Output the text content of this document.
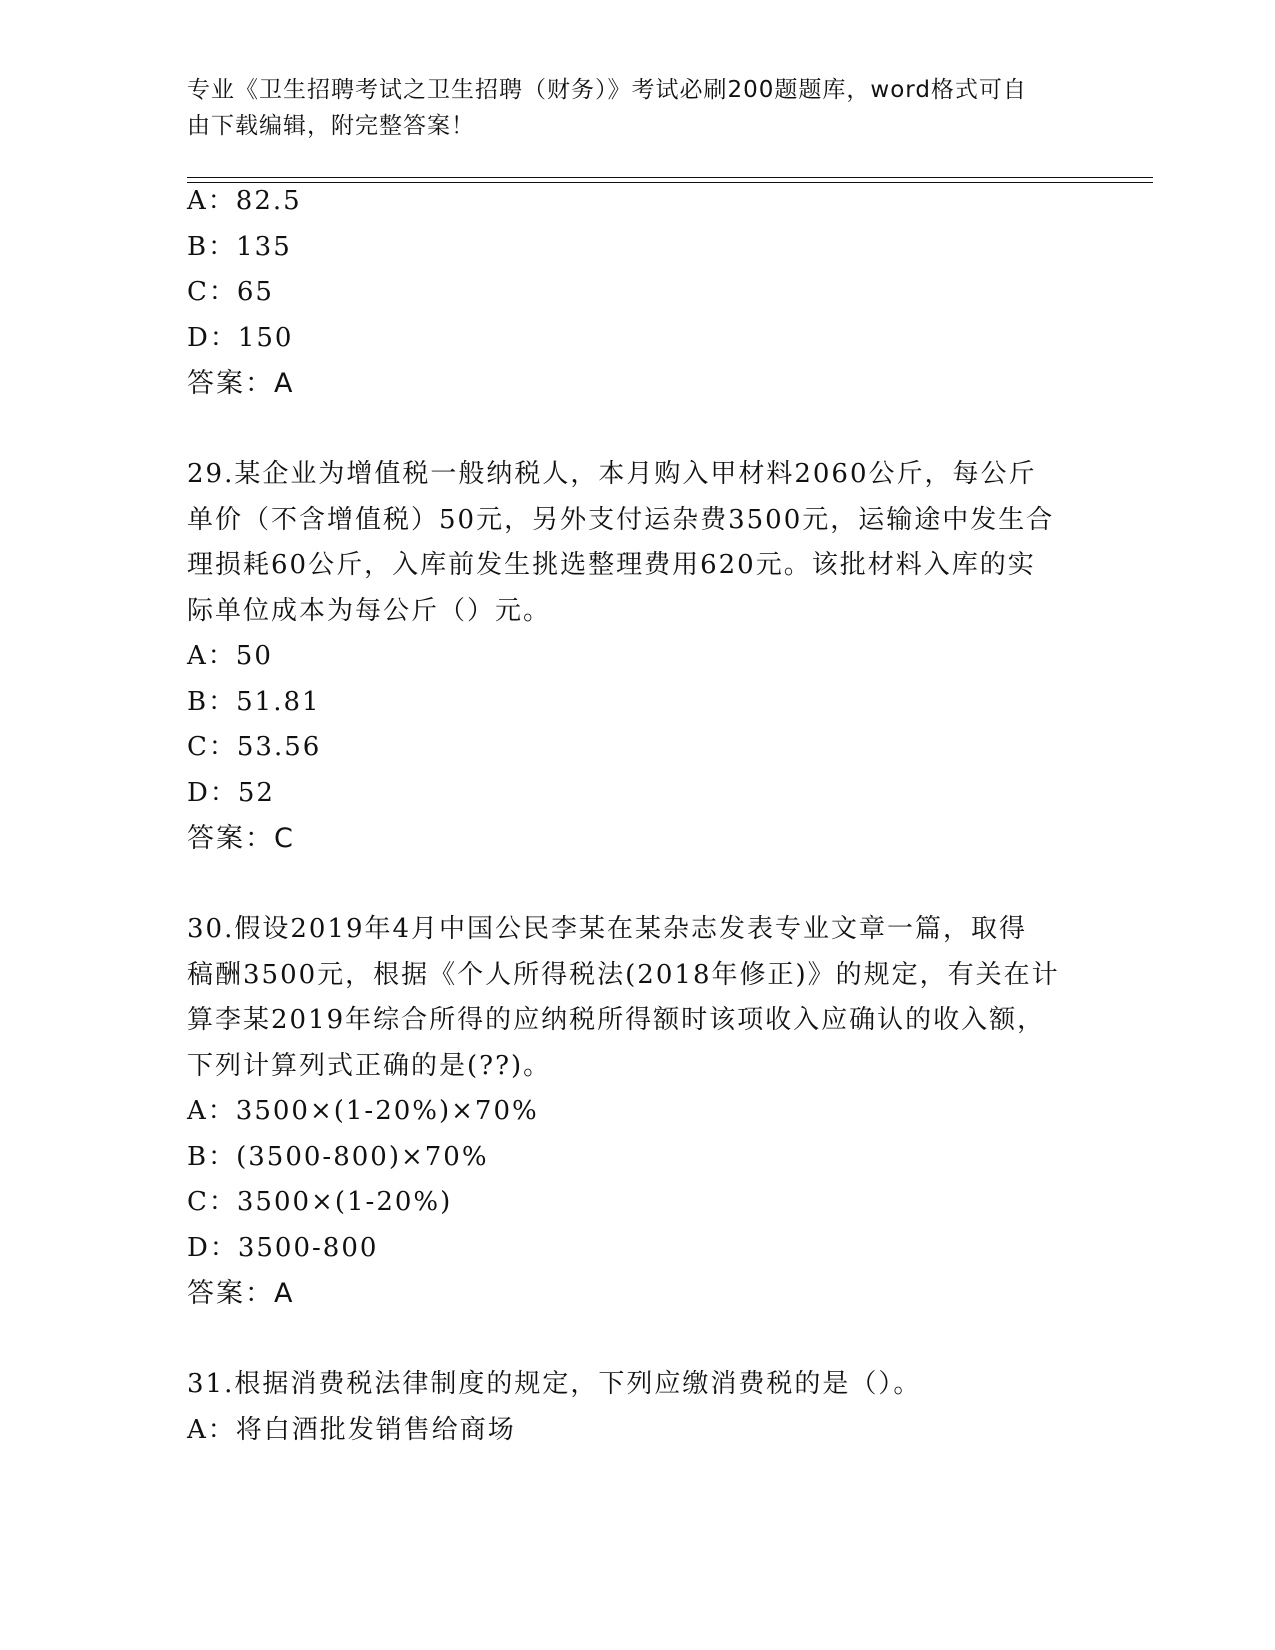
专业《卫生招聘考试之卫生招聘（财务）》考试必刷200题题库，word格式可自
由下载编辑，附完整答案！
A：82.5
B：135
C：65
D：150
答案：A
29.某企业为增值税一般纳税人，本月购入甲材料2060公斤，每公斤
单价（不含增值税）50元，另外支付运杂费3500元，运输途中发生合
理损耗60公斤，入库前发生挑选整理费用620元。该批材料入库的实
际单位成本为每公斤（）元。
A：50
B：51.81
C：53.56
D：52
答案：C
30.假设2019年4月中国公民李某在某杂志发表专业文章一篇，取得
稿酬3500元，根据《个人所得税法(2018年修正)》的规定，有关在计
算李某2019年综合所得的应纳税所得额时该项收入应确认的收入额，
下列计算列式正确的是(??)。
A：3500×(1-20%)×70%
B：(3500-800)×70%
C：3500×(1-20%)
D：3500-800
答案：A
31.根据消费税法律制度的规定，下列应缴消费税的是（）。
A：将白酒批发销售给商场
